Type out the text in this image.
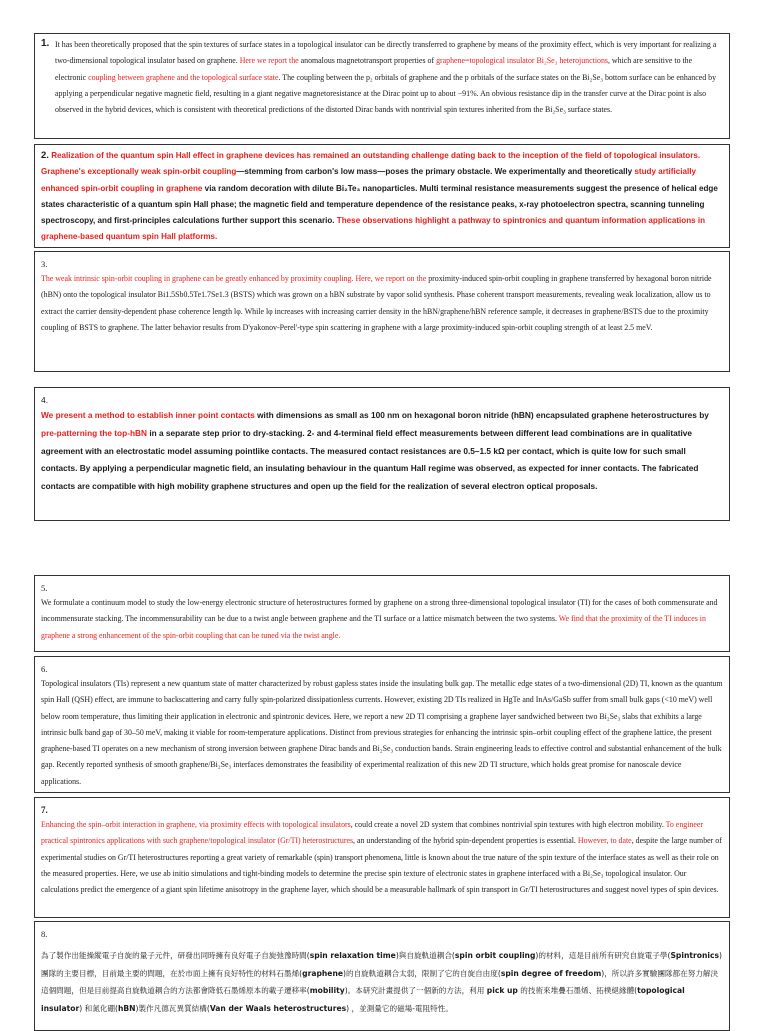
1. It has been theoretically proposed that the spin textures of surface states in a topological insulator can be directly transferred to graphene by means of the proximity effect, which is very important for realizing a two-dimensional topological insulator based on graphene. Here we report the anomalous magnetotransport properties of graphene=topological insulator Bi₂Se₃ heterojunctions, which are sensitive to the electronic coupling between graphene and the topological surface state. The coupling between the p₂ orbitals of graphene and the p orbitals of the surface states on the Bi₂Se₃ bottom surface can be enhanced by applying a perpendicular negative magnetic field, resulting in a giant negative magnetoresistance at the Dirac point up to about −91%. An obvious resistance dip in the transfer curve at the Dirac point is also observed in the hybrid devices, which is consistent with theoretical predictions of the distorted Dirac bands with nontrivial spin textures inherited from the Bi₂Se₃ surface states.
2. Realization of the quantum spin Hall effect in graphene devices has remained an outstanding challenge dating back to the inception of the field of topological insulators. Graphene's exceptionally weak spin-orbit coupling—stemming from carbon's low mass—poses the primary obstacle. We experimentally and theoretically study artificially enhanced spin-orbit coupling in graphene via random decoration with dilute Bi₂Te₃ nanoparticles. Multi terminal resistance measurements suggest the presence of helical edge states characteristic of a quantum spin Hall phase; the magnetic field and temperature dependence of the resistance peaks, x-ray photoelectron spectra, scanning tunneling spectroscopy, and first-principles calculations further support this scenario. These observations highlight a pathway to spintronics and quantum information applications in graphene-based quantum spin Hall platforms.
3.
The weak intrinsic spin-orbit coupling in graphene can be greatly enhanced by proximity coupling. Here, we report on the proximity-induced spin-orbit coupling in graphene transferred by hexagonal boron nitride (hBN) onto the topological insulator Bi1.5Sb0.5Te1.7Se1.3 (BSTS) which was grown on a hBN substrate by vapor solid synthesis. Phase coherent transport measurements, revealing weak localization, allow us to extract the carrier density-dependent phase coherence length lφ. While lφ increases with increasing carrier density in the hBN/graphene/hBN reference sample, it decreases in graphene/BSTS due to the proximity coupling of BSTS to graphene. The latter behavior results from D'yakonov-Perel'-type spin scattering in graphene with a large proximity-induced spin-orbit coupling strength of at least 2.5 meV.
4.
We present a method to establish inner point contacts with dimensions as small as 100 nm on hexagonal boron nitride (hBN) encapsulated graphene heterostructures by pre-patterning the top-hBN in a separate step prior to dry-stacking. 2- and 4-terminal field effect measurements between different lead combinations are in qualitative agreement with an electrostatic model assuming pointlike contacts. The measured contact resistances are 0.5–1.5 kΩ per contact, which is quite low for such small contacts. By applying a perpendicular magnetic field, an insulating behaviour in the quantum Hall regime was observed, as expected for inner contacts. The fabricated contacts are compatible with high mobility graphene structures and open up the field for the realization of several electron optical proposals.
5.
We formulate a continuum model to study the low-energy electronic structure of heterostructures formed by graphene on a strong three-dimensional topological insulator (TI) for the cases of both commensurate and incommensurate stacking. The incommensurability can be due to a twist angle between graphene and the TI surface or a lattice mismatch between the two systems. We find that the proximity of the TI induces in graphene a strong enhancement of the spin-orbit coupling that can be tuned via the twist angle.
6.
Topological insulators (TIs) represent a new quantum state of matter characterized by robust gapless states inside the insulating bulk gap. The metallic edge states of a two-dimensional (2D) TI, known as the quantum spin Hall (QSH) effect, are immune to backscattering and carry fully spin-polarized dissipationless currents. However, existing 2D TIs realized in HgTe and InAs/GaSb suffer from small bulk gaps (<10 meV) well below room temperature, thus limiting their application in electronic and spintronic devices. Here, we report a new 2D TI comprising a graphene layer sandwiched between two Bi₂Se₃ slabs that exhibits a large intrinsic bulk band gap of 30–50 meV, making it viable for room-temperature applications. Distinct from previous strategies for enhancing the intrinsic spin–orbit coupling effect of the graphene lattice, the present graphene-based TI operates on a new mechanism of strong inversion between graphene Dirac bands and Bi₂Se₃ conduction bands. Strain engineering leads to effective control and substantial enhancement of the bulk gap. Recently reported synthesis of smooth graphene/Bi₂Se₃ interfaces demonstrates the feasibility of experimental realization of this new 2D TI structure, which holds great promise for nanoscale device applications.
7.
Enhancing the spin–orbit interaction in graphene, via proximity effects with topological insulators, could create a novel 2D system that combines nontrivial spin textures with high electron mobility. To engineer practical spintronics applications with such graphene/topological insulator (Gr/TI) heterostructures, an understanding of the hybrid spin-dependent properties is essential. However, to date, despite the large number of experimental studies on Gr/TI heterostructures reporting a great variety of remarkable (spin) transport phenomena, little is known about the true nature of the spin texture of the interface states as well as their role on the measured properties. Here, we use ab initio simulations and tight-binding models to determine the precise spin texture of electronic states in graphene interfaced with a Bi₂Se₃ topological insulator. Our calculations predict the emergence of a giant spin lifetime anisotropy in the graphene layer, which should be a measurable hallmark of spin transport in Gr/TI heterostructures and suggest novel types of spin devices.
8.
為了製作出能操縱電子自旋的量子元件，研發出同時擁有良好電子自旋弛豫時間(spin relaxation time)與自旋軌道耦合(spin orbit coupling)的材料，這是目前所有研究自旋電子學(Spintronics)團隊的主要目標，目前最主要的問題，在於市面上擁有良好特性的材料石墨烯(graphene)的自旋軌道耦合太弱，限制了它的自旋自由度(spin degree of freedom)，所以許多實驗團隊都在努力解決這個問題，但是目前提高自旋軌道耦合的方法都會降低石墨烯原本的載子遷移率(mobility)。本研究計畫提供了一個新的方法，利用 pick up 的技術來堆疊石墨烯、拓樸絕緣體(topological insulator) 和氮化硼(hBN)製作凡德瓦異質結構(Van der Waals heterostructures) ，並測量它的磁場-電阻特性。
